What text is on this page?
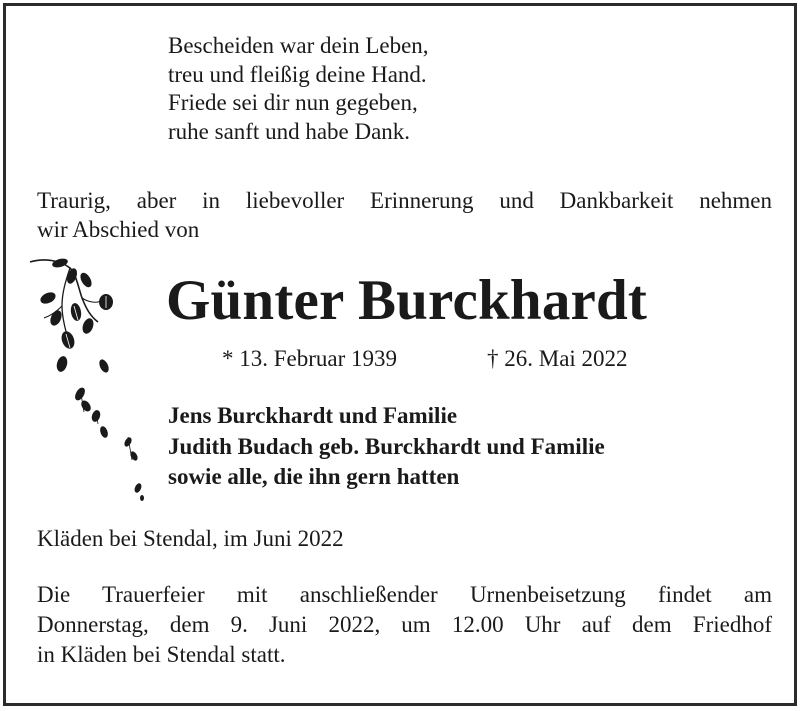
Bescheiden war dein Leben,
treu und fleißig deine Hand.
Friede sei dir nun gegeben,
ruhe sanft und habe Dank.
Traurig, aber in liebevoller Erinnerung und Dankbarkeit nehmen
wir Abschied von
Günter Burckhardt
* 13. Februar 1939	† 26. Mai 2022
Jens Burckhardt und Familie
Judith Budach geb. Burckhardt und Familie
sowie alle, die ihn gern hatten
Kläden bei Stendal, im Juni 2022
Die Trauerfeier mit anschließender Urnenbeisetzung findet am
Donnerstag, dem 9. Juni 2022, um 12.00 Uhr auf dem Friedhof
in Kläden bei Stendal statt.
